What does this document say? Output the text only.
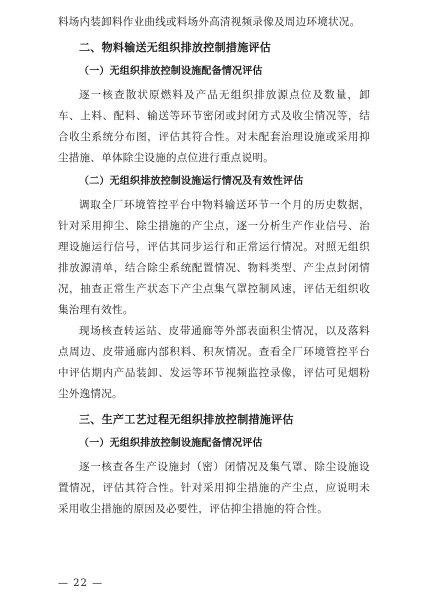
料场内装卸料作业曲线或料场外高清视频录像及周边环境状况。

二、物料输送无组织排放控制措施评估
（一）无组织排放控制设施配备情况评估

逐一核查散状原燃料及产品无组织排放源点位及数量，卸车、上料、配料、输送等环节密闭或封闭方式及收尘情况等，结合收尘系统分布图，评估其符合性。对未配套治理设施或采用抑尘措施、单体除尘设施的点位进行重点说明。

（二）无组织排放控制设施运行情况及有效性评估

调取全厂环境管控平台中物料输送环节一个月的历史数据，针对采用抑尘、除尘措施的产尘点，逐一分析生产作业信号、治理设施运行信号，评估其同步运行和正常运行情况。对照无组织排放源清单，结合除尘系统配置情况、物料类型、产尘点封闭情况，抽查正常生产状态下产尘点集气罩控制风速，评估无组织收集治理有效性。

现场核查转运站、皮带通廊等外部表面积尘情况，以及落料点周边、皮带通廊内部积料、积灰情况。查看全厂环境管控平台中评估期内产品装卸、发运等环节视频监控录像，评估可见烟粉尘外逸情况。

三、生产工艺过程无组织排放控制措施评估
（一）无组织排放控制设施配备情况评估

逐一核查各生产设施封（密）闭情况及集气罩、除尘设施设置情况，评估其符合性。针对采用抑尘措施的产尘点，应说明未采用收尘措施的原因及必要性，评估抑尘措施的符合性。

— 22 —
